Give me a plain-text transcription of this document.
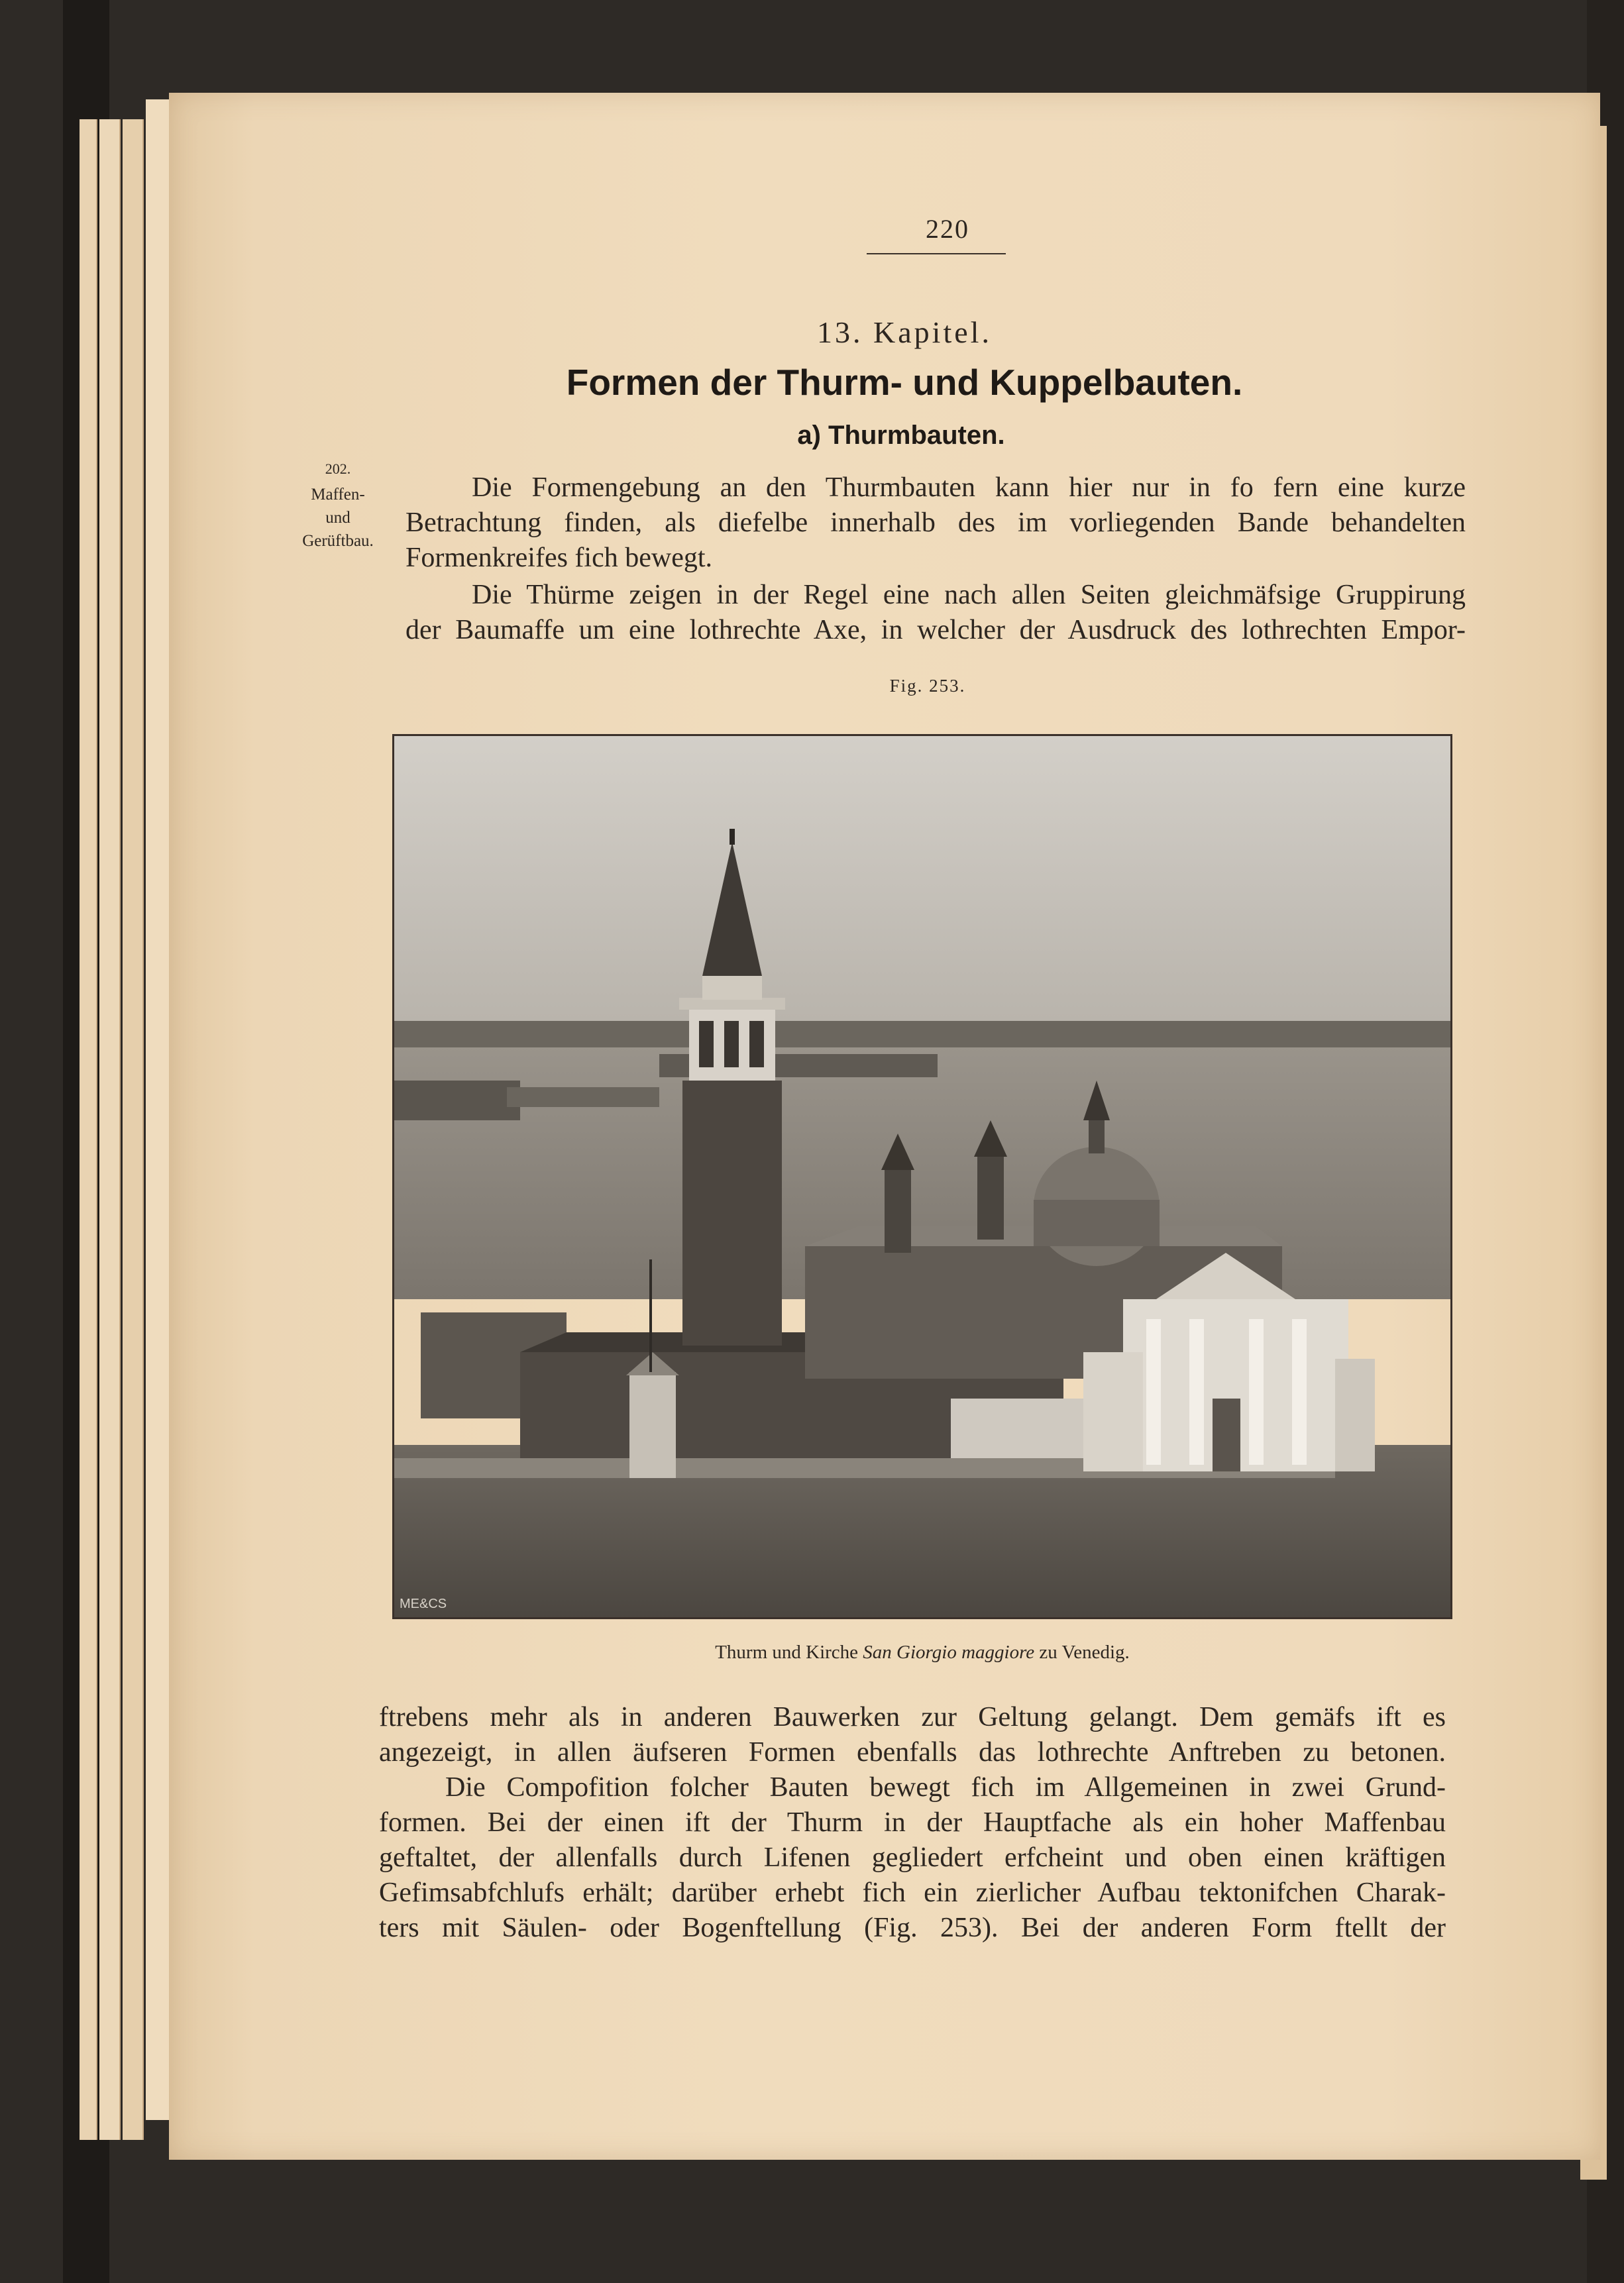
220
13. Kapitel.
Formen der Thurm- und Kuppelbauten.
a) Thurmbauten.
202.
Maffen-
und
Gerüftbau.
Die Formengebung an den Thurmbauten kann hier nur in fo fern eine kurze
Betrachtung finden, als diefelbe innerhalb des im vorliegenden Bande behandelten
Formenkreifes fich bewegt.
Die Thürme zeigen in der Regel eine nach allen Seiten gleichmäfsige Gruppirung
der Baumaffe um eine lothrechte Axe, in welcher der Ausdruck des lothrechten Empor-
Fig. 253.
ME&CS
Thurm und Kirche San Giorgio maggiore zu Venedig.
ftrebens mehr als in anderen Bauwerken zur Geltung gelangt. Dem gemäfs ift es
angezeigt, in allen äufseren Formen ebenfalls das lothrechte Anftreben zu betonen.
Die Compofition folcher Bauten bewegt fich im Allgemeinen in zwei Grund-
formen. Bei der einen ift der Thurm in der Hauptfache als ein hoher Maffenbau
geftaltet, der allenfalls durch Lifenen gegliedert erfcheint und oben einen kräftigen
Gefimsabfchlufs erhält; darüber erhebt fich ein zierlicher Aufbau tektonifchen Charak-
ters mit Säulen- oder Bogenftellung (Fig. 253). Bei der anderen Form ftellt der
